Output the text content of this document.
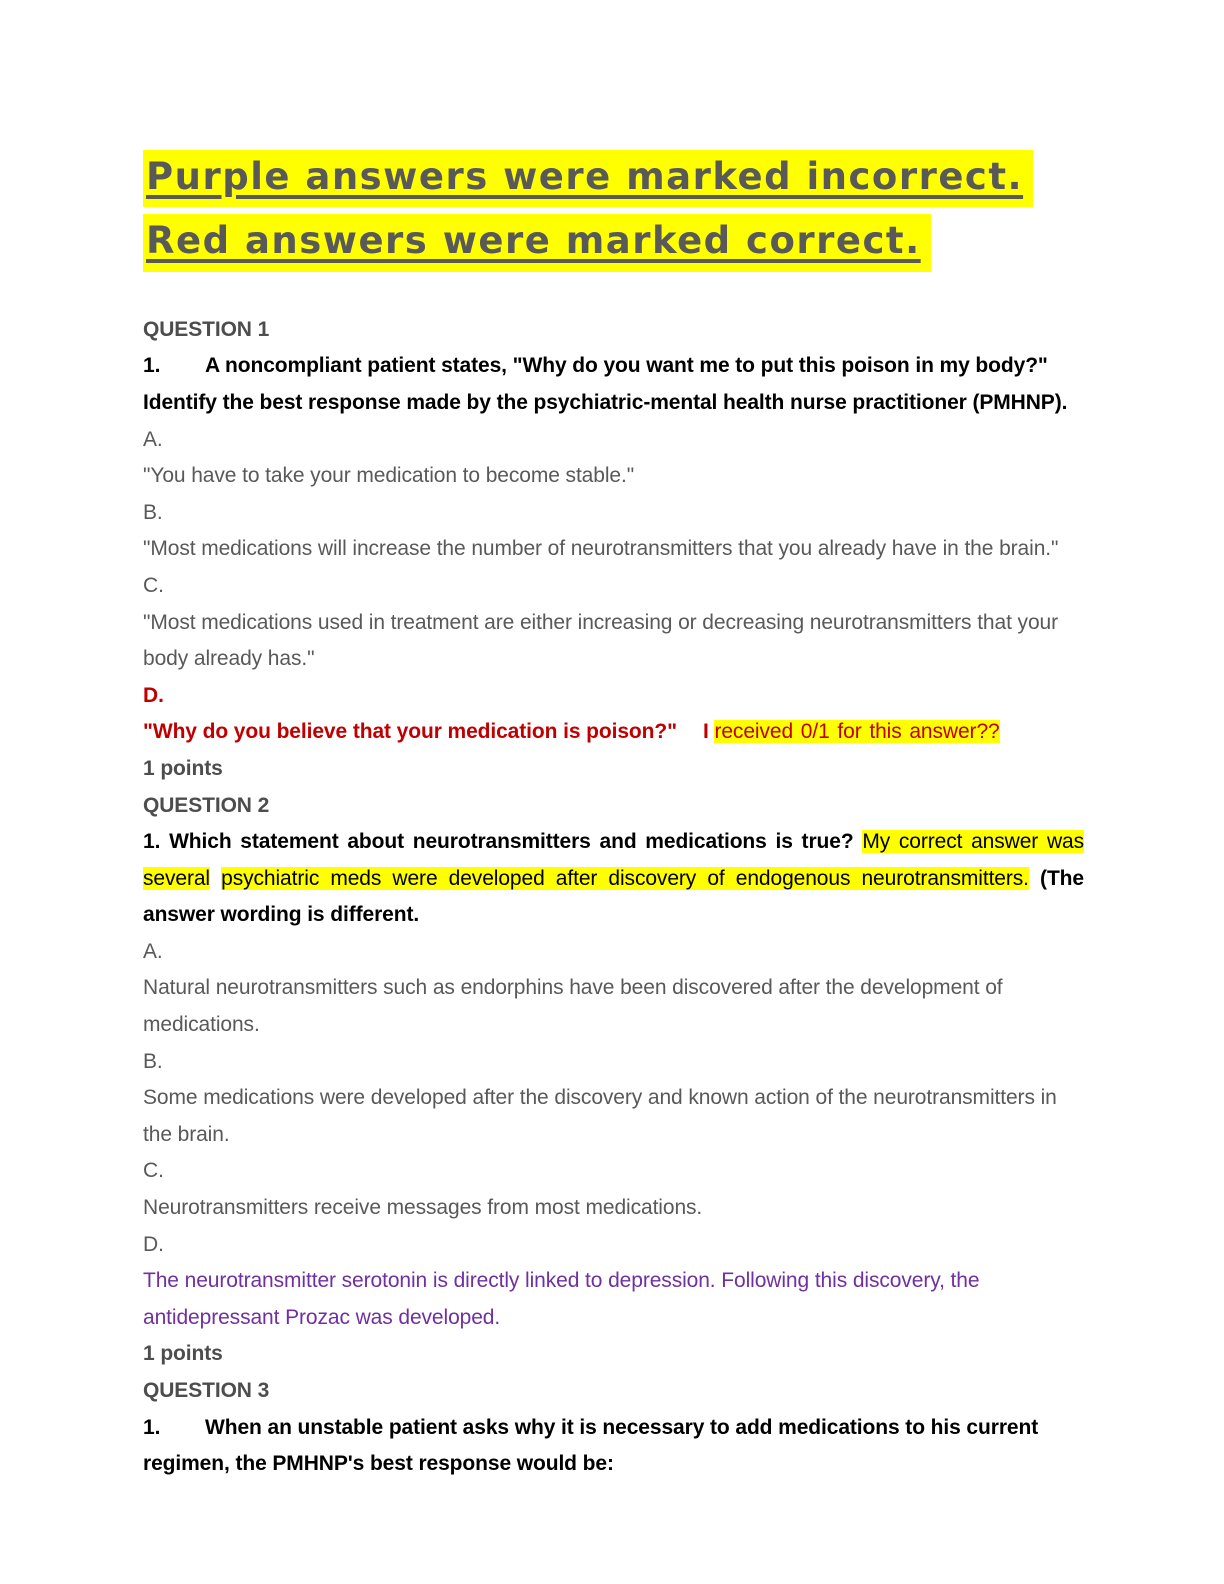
Purple answers were marked incorrect.
Red answers were marked correct.

QUESTION 1

1. A noncompliant patient states, "Why do you want me to put this poison in my body?" Identify the best response made by the psychiatric-mental health nurse practitioner (PMHNP).

A.

"You have to take your medication to become stable."

B.

"Most medications will increase the number of neurotransmitters that you already have in the brain."

C.

"Most medications used in treatment are either increasing or decreasing neurotransmitters that your body already has."

D.

"Why do you believe that your medication is poison?" I received 0/1 for this answer??

1 points

QUESTION 2

1. Which statement about neurotransmitters and medications is true? My correct answer was several psychiatric meds were developed after discovery of endogenous neurotransmitters. (The answer wording is different.

A.

Natural neurotransmitters such as endorphins have been discovered after the development of medications.

B.

Some medications were developed after the discovery and known action of the neurotransmitters in the brain.

C.

Neurotransmitters receive messages from most medications.

D.

The neurotransmitter serotonin is directly linked to depression. Following this discovery, the antidepressant Prozac was developed.

1 points

QUESTION 3

1. When an unstable patient asks why it is necessary to add medications to his current regimen, the PMHNP's best response would be:
